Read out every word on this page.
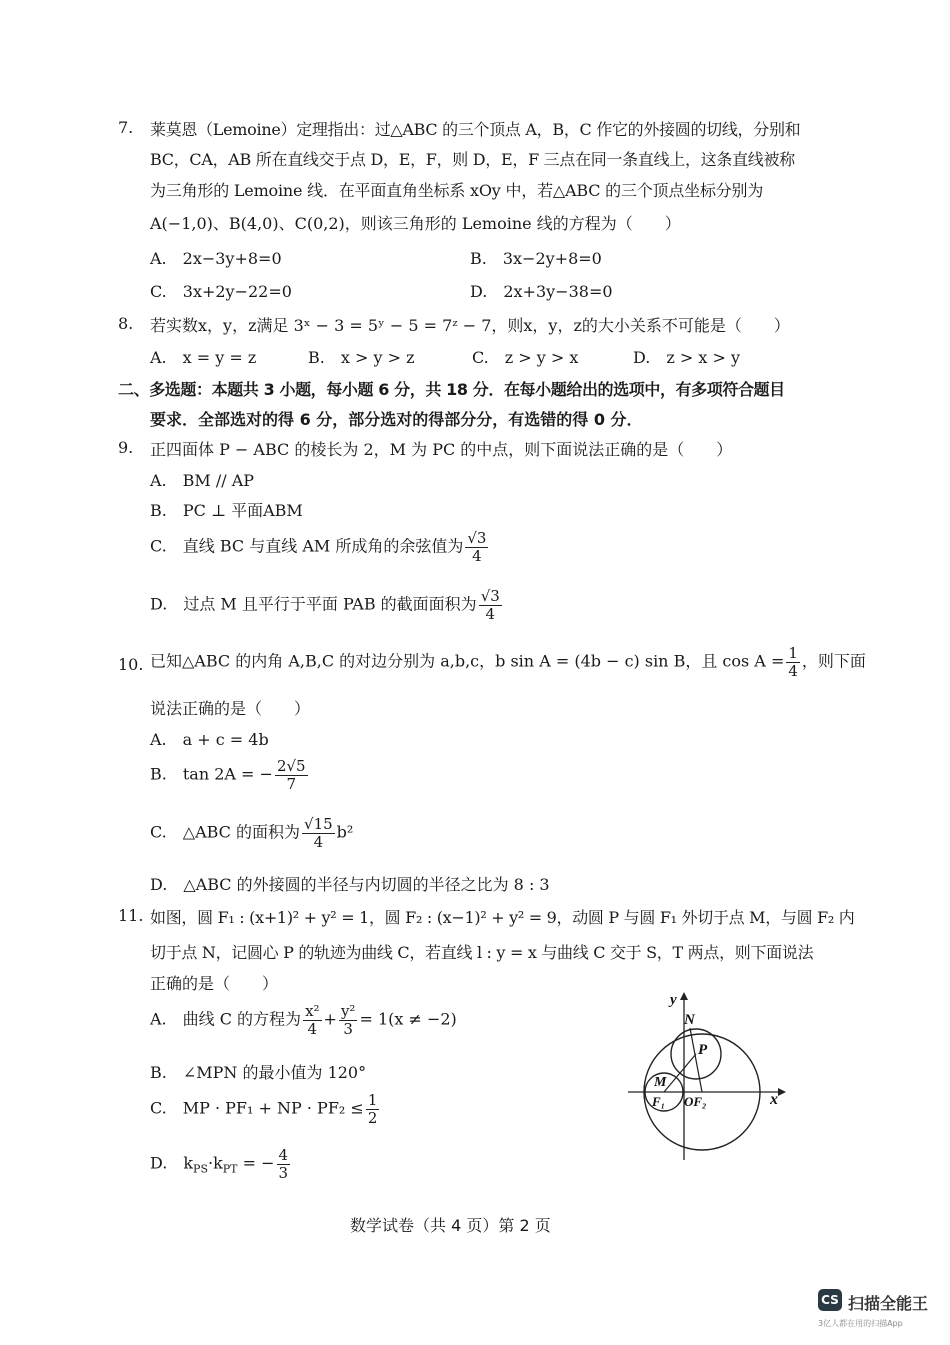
7. 莱莫恩（Lemoine）定理指出：过△ABC 的三个顶点 A，B，C 作它的外接圆的切线，分别和
BC，CA，AB 所在直线交于点 D，E，F，则 D，E，F 三点在同一条直线上，这条直线被称
为三角形的 Lemoine 线．在平面直角坐标系 xOy 中，若△ABC 的三个顶点坐标分别为
A(−1,0)、B(4,0)、C(0,2)，则该三角形的 Lemoine 线的方程为（　　）
A.　2x−3y+8=0	B.　3x−2y+8=0
C.　3x+2y−22=0	D.　2x+3y−38=0
8. 若实数x，y，z满足 3ˣ − 3 = 5ʸ − 5 = 7ᶻ − 7，则x，y，z的大小关系不可能是（　　）
A.　x = y = z	B.　x > y > z	C.　z > y > x	D.　z > x > y
二、多选题：本题共 3 小题，每小题 6 分，共 18 分．在每小题给出的选项中，有多项符合题目
要求．全部选对的得 6 分，部分选对的得部分分，有选错的得 0 分．
9. 正四面体 P − ABC 的棱长为 2，M 为 PC 的中点，则下面说法正确的是（　　）
A.　BM // AP
B.　PC ⊥ 平面ABM
C.　直线 BC 与直线 AM 所成角的余弦值为 $\frac{√3}{4}$
D.　过点 M 且平行于平面 PAB 的截面面积为 $\frac{√3}{4}$
10. 已知△ABC 的内角 A,B,C 的对边分别为 a,b,c，b sin A = (4b − c) sin B，且 $\cos A = \frac{1}{4}$ ，则下面
说法正确的是（　　）
A.　a + c = 4b
B.　tan 2A = − $\frac{2√5}{7}$
C.　△ABC 的面积为 $\frac{√15}{4} b^2$
D.　△ABC 的外接圆的半径与内切圆的半径之比为 8 : 3
11. 如图，圆 F₁ : (x+1)² + y² = 1，圆 F₂ : (x−1)² + y² = 9，动圆 P 与圆 F₁ 外切于点 M，与圆 F₂ 内
切于点 N，记圆心 P 的轨迹为曲线 C，若直线 l : y = x 与曲线 C 交于 S，T 两点，则下面说法
正确的是（　　）
A.　曲线 C 的方程为 $\frac{\text{x²}}{4} + \frac{\text{y²}}{3} = 1(x \ne -2)$
B.　∠MPN 的最小值为 120°
C.　MP · PF₁ + NP · $PF_2 \le \frac{1}{2}$
D.　$k_{PS}\cdot k_{PT}$ = − $\frac{4}{3}$
y
x
N
P
M
F₁ OF₂
数学试卷（共 4 页）第 2 页
CS 扫描全能王
3亿人都在用的扫描App
